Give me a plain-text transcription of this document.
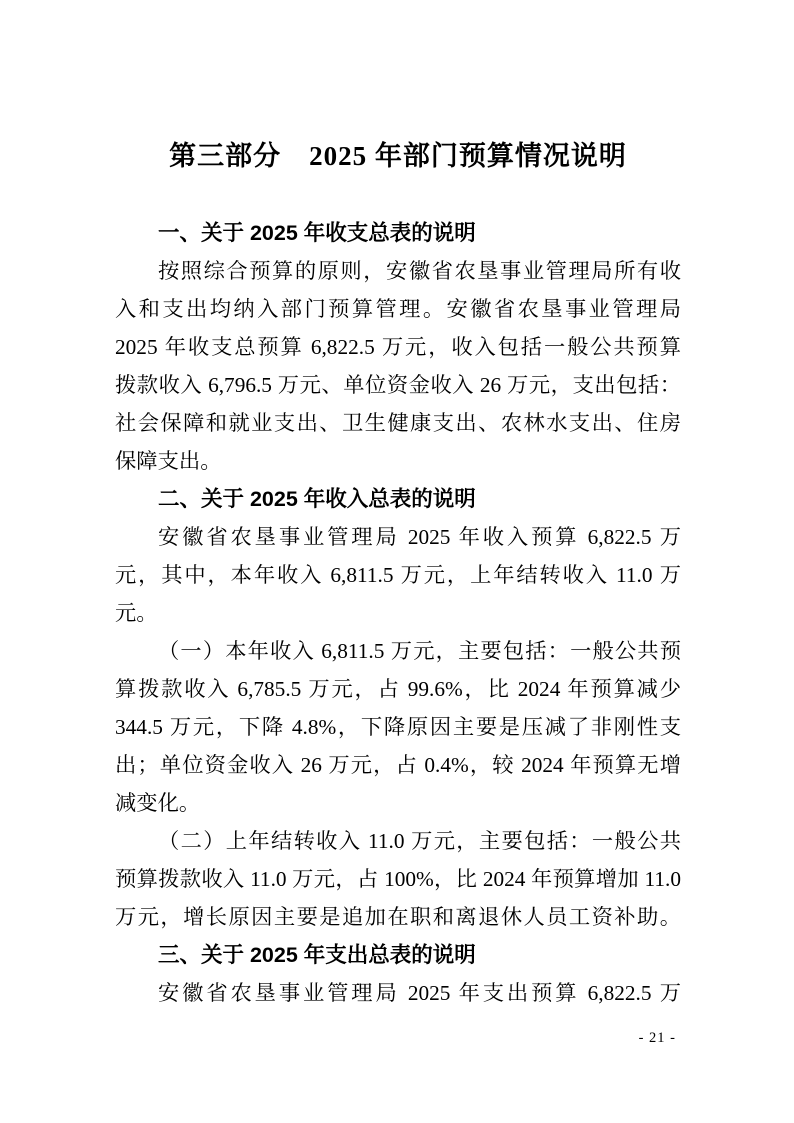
第三部分　2025 年部门预算情况说明
一、关于 2025 年收支总表的说明
按照综合预算的原则，安徽省农垦事业管理局所有收
入和支出均纳入部门预算管理。安徽省农垦事业管理局
2025 年收支总预算 6,822.5 万元，收入包括一般公共预算
拨款收入 6,796.5 万元、单位资金收入 26 万元，支出包括：
社会保障和就业支出、卫生健康支出、农林水支出、住房
保障支出。
二、关于 2025 年收入总表的说明
安徽省农垦事业管理局 2025 年收入预算 6,822.5 万
元，其中，本年收入 6,811.5 万元，上年结转收入 11.0 万
元。
（一）本年收入 6,811.5 万元，主要包括：一般公共预
算拨款收入 6,785.5 万元，占 99.6%，比 2024 年预算减少
344.5 万元，下降 4.8%，下降原因主要是压减了非刚性支
出；单位资金收入 26 万元，占 0.4%，较 2024 年预算无增
减变化。
（二）上年结转收入 11.0 万元，主要包括：一般公共
预算拨款收入 11.0 万元，占 100%，比 2024 年预算增加 11.0
万元，增长原因主要是追加在职和离退休人员工资补助。
三、关于 2025 年支出总表的说明
安徽省农垦事业管理局 2025 年支出预算 6,822.5 万
- 21 -
